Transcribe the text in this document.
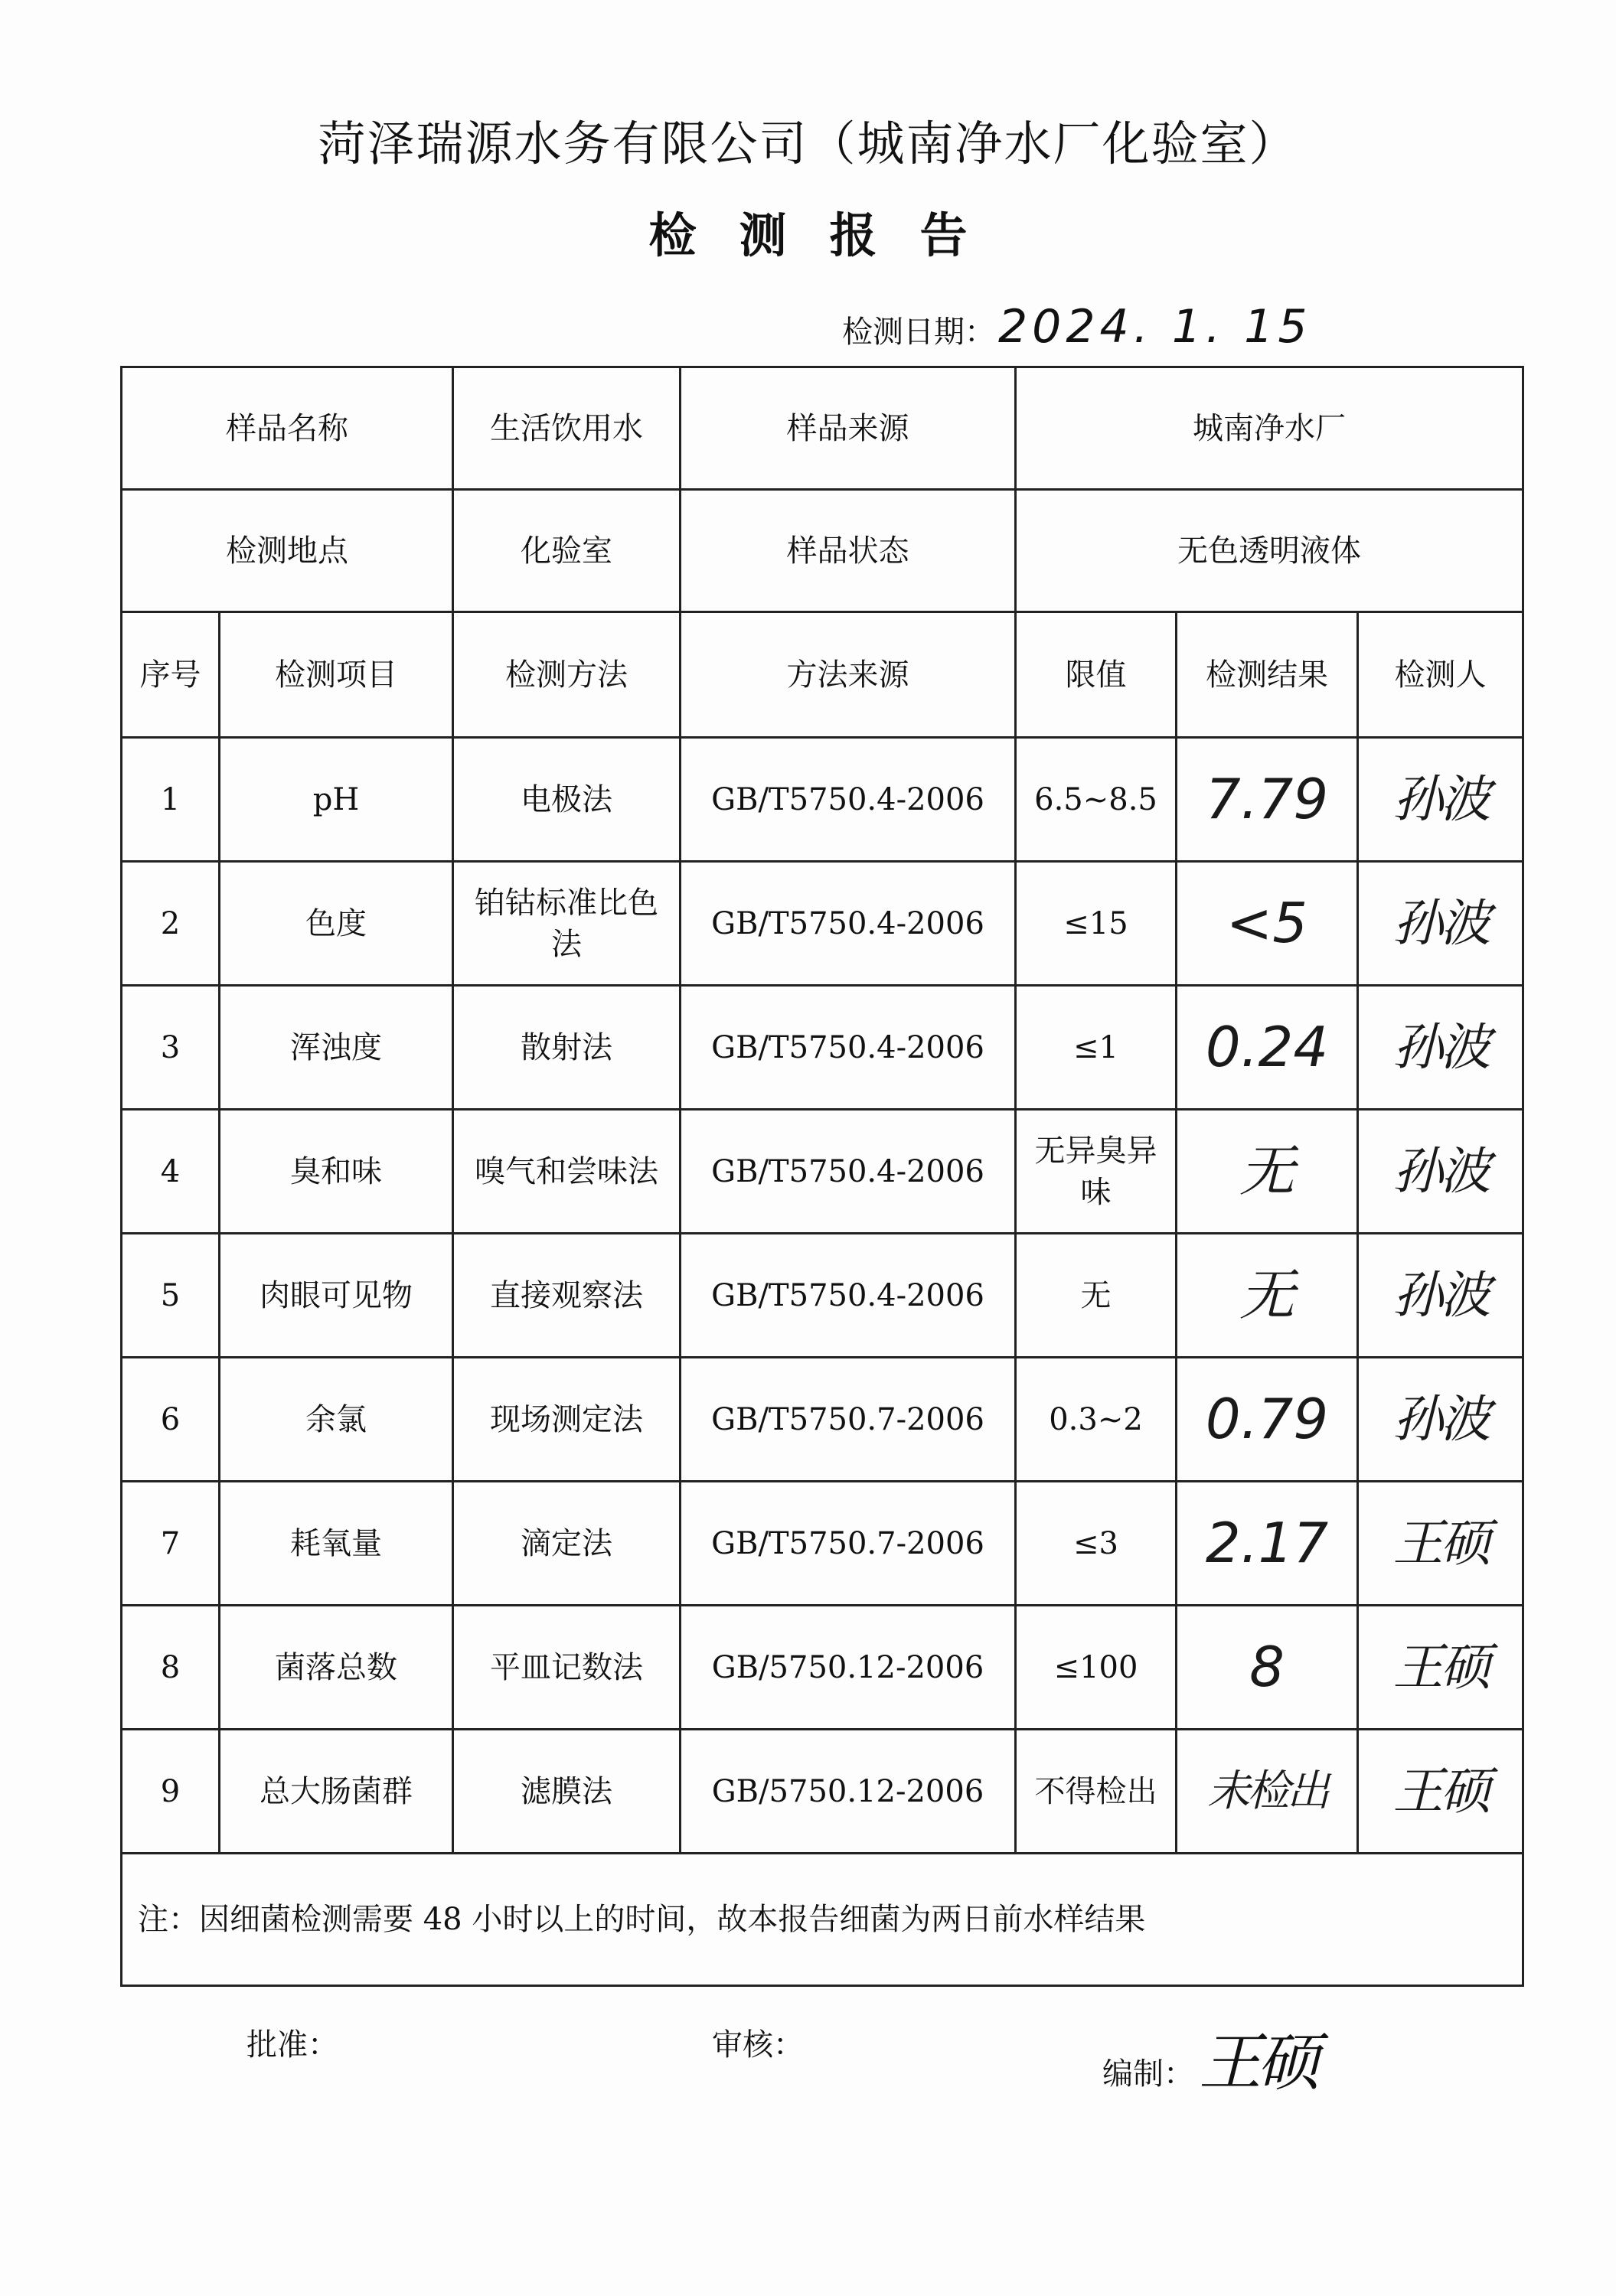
菏泽瑞源水务有限公司（城南净水厂化验室）
检测报告
检测日期： 2024. 1. 15
样品名称		生活饮用水	样品来源	城南净水厂		
检测地点		化验室	样品状态	无色透明液体		
序号	检测项目	检测方法	方法来源	限值	检测结果	检测人
1	pH	电极法	GB/T5750.4-2006	6.5~8.5	7.79	孙波
2	色度	铂钴标准比色法	GB/T5750.4-2006	≤15	<5	孙波
3	浑浊度	散射法	GB/T5750.4-2006	≤1	0.24	孙波
4	臭和味	嗅气和尝味法	GB/T5750.4-2006	无异臭异味	无	孙波
5	肉眼可见物	直接观察法	GB/T5750.4-2006	无	无	孙波
6	余氯	现场测定法	GB/T5750.7-2006	0.3~2	0.79	孙波
7	耗氧量	滴定法	GB/T5750.7-2006	≤3	2.17	王硕
8	菌落总数	平皿记数法	GB/5750.12-2006	≤100	8	王硕
9	总大肠菌群	滤膜法	GB/5750.12-2006	不得检出	未检出	王硕
注：因细菌检测需要 48 小时以上的时间，故本报告细菌为两日前水样结果						
批准：	审核：
编制： 王硕
